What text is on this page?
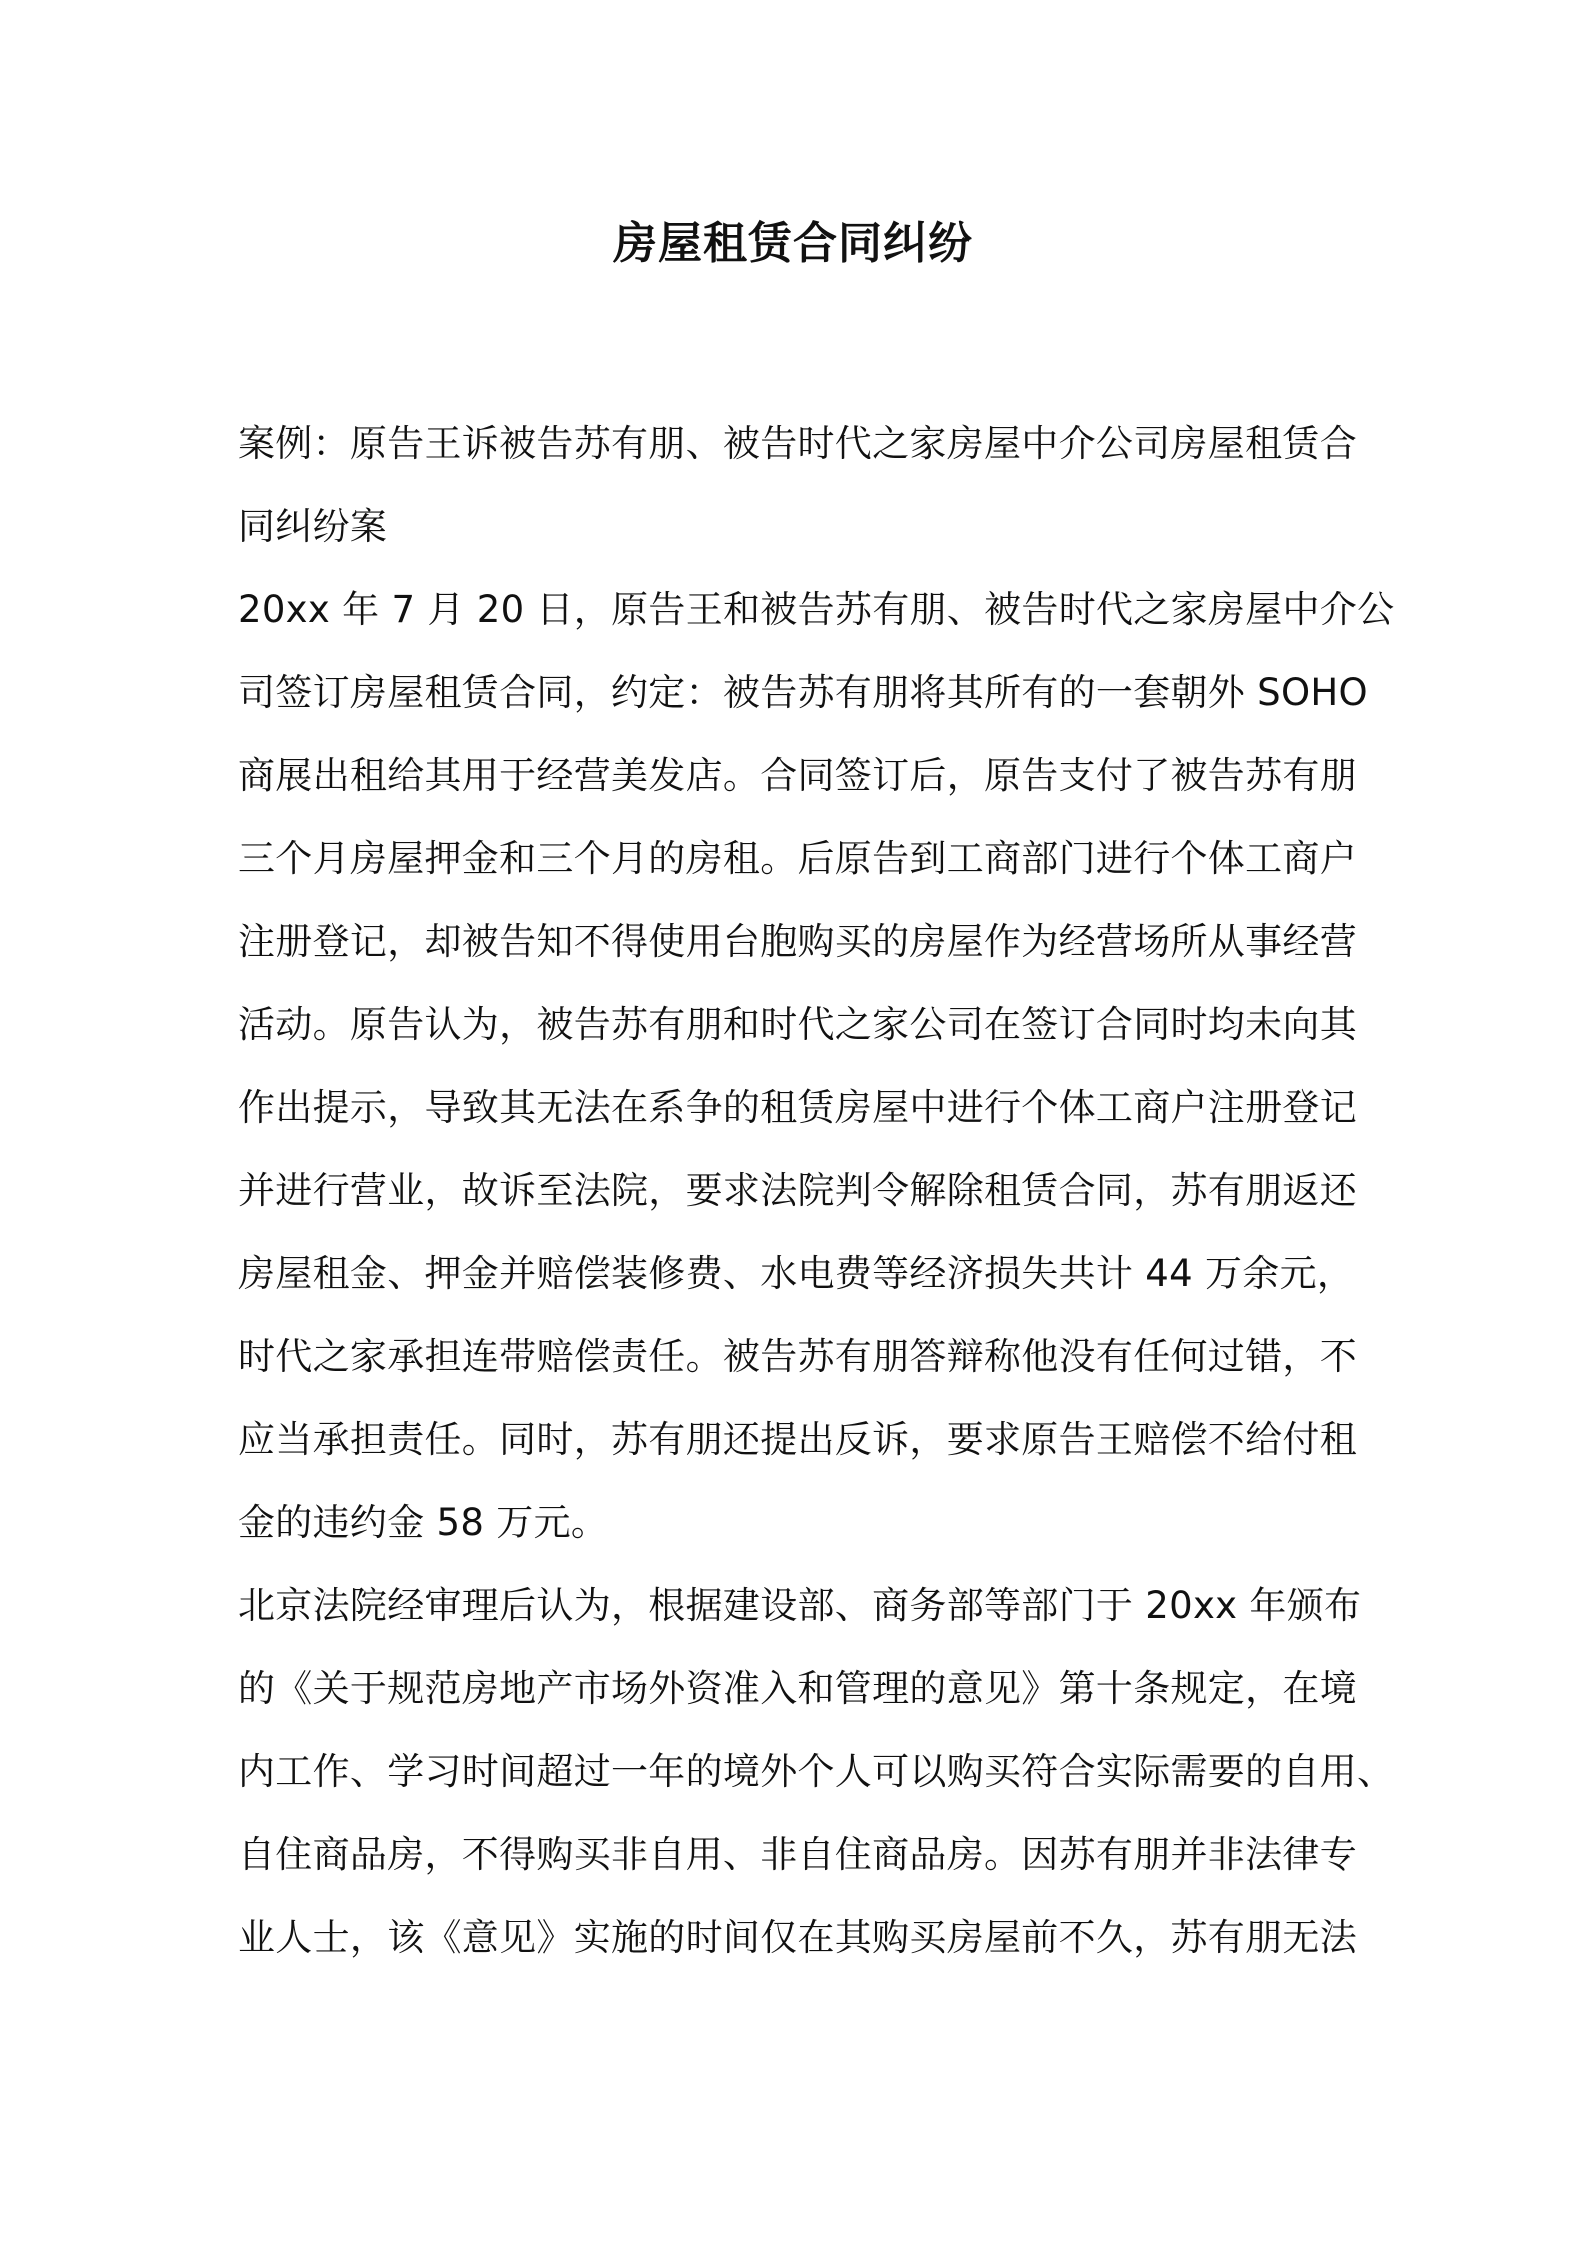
房屋租赁合同纠纷
案例：原告王诉被告苏有朋、被告时代之家房屋中介公司房屋租赁合
同纠纷案
20xx 年 7 月 20 日，原告王和被告苏有朋、被告时代之家房屋中介公
司签订房屋租赁合同，约定：被告苏有朋将其所有的一套朝外 SOHO
商展出租给其用于经营美发店。合同签订后，原告支付了被告苏有朋
三个月房屋押金和三个月的房租。后原告到工商部门进行个体工商户
注册登记，却被告知不得使用台胞购买的房屋作为经营场所从事经营
活动。原告认为，被告苏有朋和时代之家公司在签订合同时均未向其
作出提示，导致其无法在系争的租赁房屋中进行个体工商户注册登记
并进行营业，故诉至法院，要求法院判令解除租赁合同，苏有朋返还
房屋租金、押金并赔偿装修费、水电费等经济损失共计 44 万余元，
时代之家承担连带赔偿责任。被告苏有朋答辩称他没有任何过错，不
应当承担责任。同时，苏有朋还提出反诉，要求原告王赔偿不给付租
金的违约金 58 万元。
北京法院经审理后认为，根据建设部、商务部等部门于 20xx 年颁布
的《关于规范房地产市场外资准入和管理的意见》第十条规定，在境
内工作、学习时间超过一年的境外个人可以购买符合实际需要的自用、
自住商品房，不得购买非自用、非自住商品房。因苏有朋并非法律专
业人士，该《意见》实施的时间仅在其购买房屋前不久，苏有朋无法
